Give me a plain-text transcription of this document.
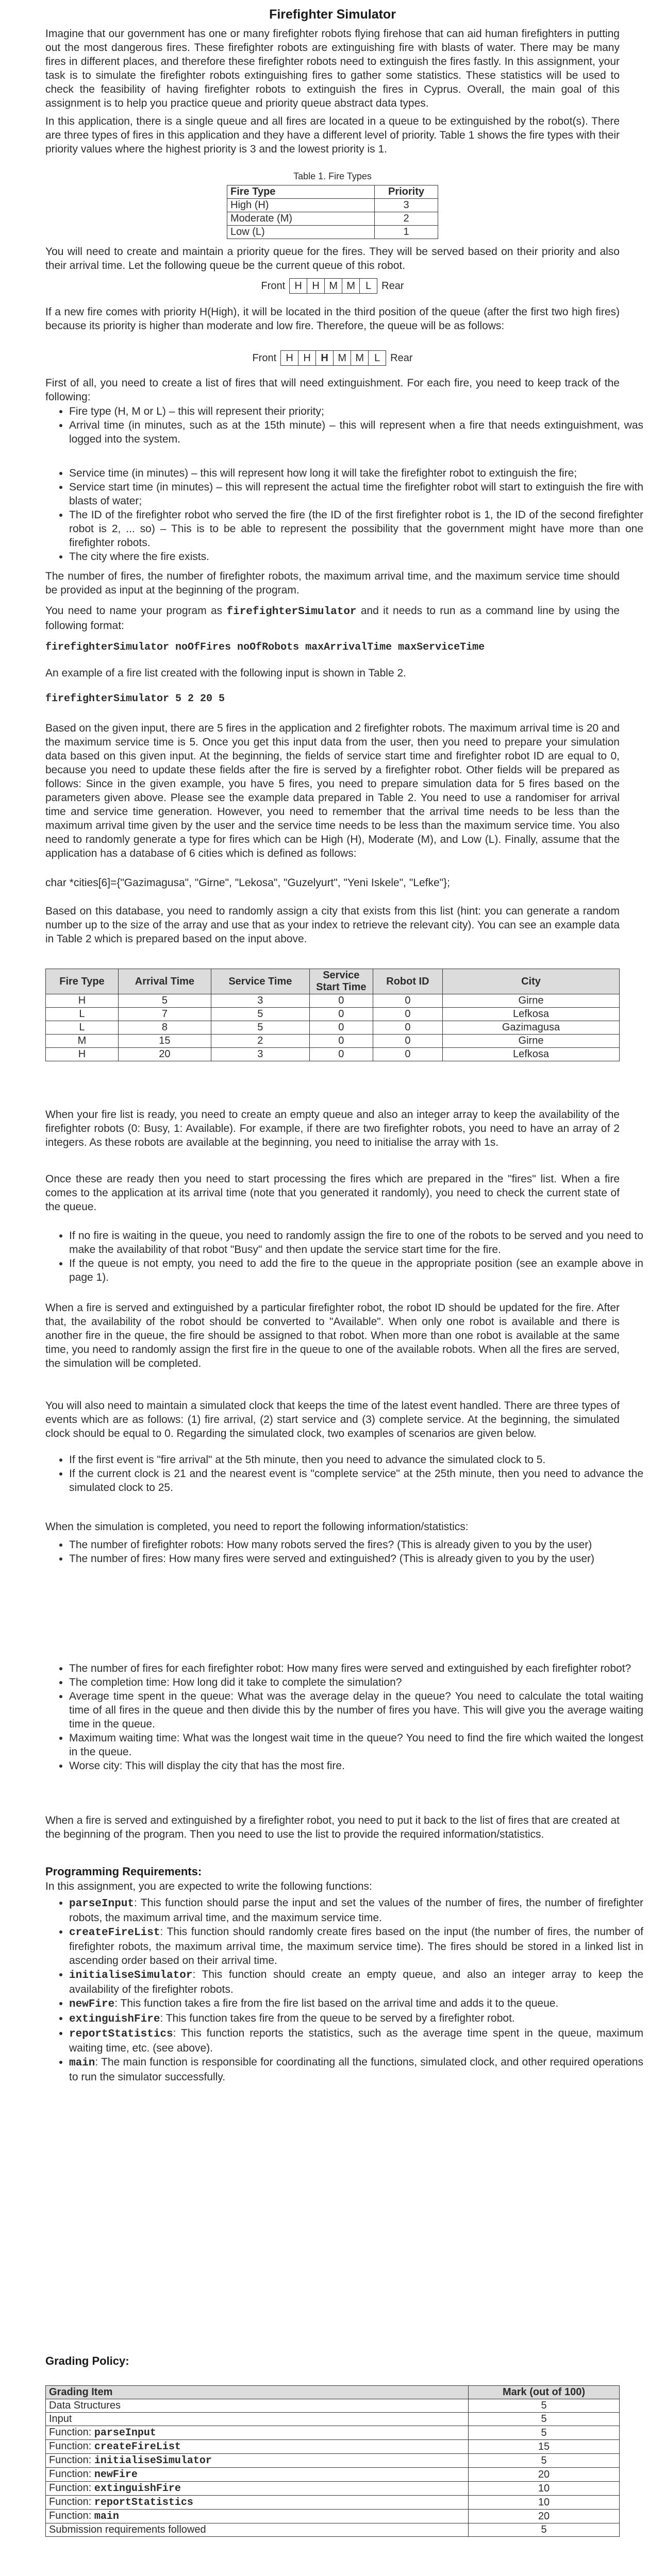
Firefighter Simulator

Imagine that our government has one or many firefighter robots flying firehose that can aid human firefighters in putting out the most dangerous fires. These firefighter robots are extinguishing fire with blasts of water. There may be many fires in different places, and therefore these firefighter robots need to extinguish the fires fastly. In this assignment, your task is to simulate the firefighter robots extinguishing fires to gather some statistics. These statistics will be used to check the feasibility of having firefighter robots to extinguish the fires in Cyprus. Overall, the main goal of this assignment is to help you practice queue and priority queue abstract data types.

In this application, there is a single queue and all fires are located in a queue to be extinguished by the robot(s). There are three types of fires in this application and they have a different level of priority. Table 1 shows the fire types with their priority values where the highest priority is 3 and the lowest priority is 1.

Table 1. Fire Types
Fire Type	Priority
High (H)	3
Moderate (M)	2
Low (L)	1

You will need to create and maintain a priority queue for the fires. They will be served based on their priority and also their arrival time. Let the following queue be the current queue of this robot.

Front H H M M	L Rear

If a new fire comes with priority H(High), it will be located in the third position of the queue (after the first two high fires) because its priority is higher than moderate and low fire. Therefore, the queue will be as follows:

Front H H H M M	L Rear

First of all, you need to create a list of fires that will need extinguishment. For each fire, you need to keep track of the following:

• Fire type (H, M or L) – this will represent their priority;
• Arrival time (in minutes, such as at the 15th minute) – this will represent when a fire that needs extinguishment, was logged into the system.
• Service time (in minutes) – this will represent how long it will take the firefighter robot to extinguish the fire;
• Service start time (in minutes) – this will represent the actual time the firefighter robot will start to extinguish the fire with blasts of water;
• The ID of the firefighter robot who served the fire (the ID of the first firefighter robot is 1, the ID of the second firefighter robot is 2, ... so) – This is to be able to represent the possibility that the government might have more than one firefighter robots.
• The city where the fire exists.

The number of fires, the number of firefighter robots, the maximum arrival time, and the maximum service time should be provided as input at the beginning of the program.

You need to name your program as firefighterSimulator and it needs to run as a command line by using the following format:

firefighterSimulator noOfFires noOfRobots maxArrivalTime maxServiceTime

An example of a fire list created with the following input is shown in Table 2.

firefighterSimulator 5 2 20 5

Based on the given input, there are 5 fires in the application and 2 firefighter robots. The maximum arrival time is 20 and the maximum service time is 5. Once you get this input data from the user, then you need to prepare your simulation data based on this given input. At the beginning, the fields of service start time and firefighter robot ID are equal to 0, because you need to update these fields after the fire is served by a firefighter robot. Other fields will be prepared as follows: Since in the given example, you have 5 fires, you need to prepare simulation data for 5 fires based on the parameters given above. Please see the example data prepared in Table 2. You need to use a randomiser for arrival time and service time generation. However, you need to remember that the arrival time needs to be less than the maximum arrival time given by the user and the service time needs to be less than the maximum service time. You also need to randomly generate a type for fires which can be High (H), Moderate (M), and Low (L). Finally, assume that the application has a database of 6 cities which is defined as follows:

char *cities[6]={"Gazimagusa", "Girne", "Lekosa", "Guzelyurt", "Yeni Iskele", "Lefke"};

Based on this database, you need to randomly assign a city that exists from this list (hint: you can generate a random number up to the size of the array and use that as your index to retrieve the relevant city). You can see an example data in Table 2 which is prepared based on the input above.

Fire Type	Arrival Time	Service Time	Service Start Time	Robot ID	City
H	5	3	0	0	Girne
L	7	5	0	0	Lefkosa
L	8	5	0	0	Gazimagusa
M	15	2	0	0	Girne
H	20	3	0	0	Lefkosa

When your fire list is ready, you need to create an empty queue and also an integer array to keep the availability of the firefighter robots (0: Busy, 1: Available). For example, if there are two firefighter robots, you need to have an array of 2 integers. As these robots are available at the beginning, you need to initialise the array with 1s.

Once these are ready then you need to start processing the fires which are prepared in the "fires" list. When a fire comes to the application at its arrival time (note that you generated it randomly), you need to check the current state of the queue.

• If no fire is waiting in the queue, you need to randomly assign the fire to one of the robots to be served and you need to make the availability of that robot "Busy" and then update the service start time for the fire.
• If the queue is not empty, you need to add the fire to the queue in the appropriate position (see an example above in page 1).

When a fire is served and extinguished by a particular firefighter robot, the robot ID should be updated for the fire. After that, the availability of the robot should be converted to "Available". When only one robot is available and there is another fire in the queue, the fire should be assigned to that robot. When more than one robot is available at the same time, you need to randomly assign the first fire in the queue to one of the available robots. When all the fires are served, the simulation will be completed.

You will also need to maintain a simulated clock that keeps the time of the latest event handled. There are three types of events which are as follows: (1) fire arrival, (2) start service and (3) complete service. At the beginning, the simulated clock should be equal to 0. Regarding the simulated clock, two examples of scenarios are given below.

• If the first event is "fire arrival" at the 5th minute, then you need to advance the simulated clock to 5.
• If the current clock is 21 and the nearest event is "complete service" at the 25th minute, then you need to advance the simulated clock to 25.

When the simulation is completed, you need to report the following information/statistics:

• The number of firefighter robots: How many robots served the fires? (This is already given to you by the user)
• The number of fires: How many fires were served and extinguished? (This is already given to you by the user)
• The number of fires for each firefighter robot: How many fires were served and extinguished by each firefighter robot?
• The completion time: How long did it take to complete the simulation?
• Average time spent in the queue: What was the average delay in the queue? You need to calculate the total waiting time of all fires in the queue and then divide this by the number of fires you have. This will give you the average waiting time in the queue.
• Maximum waiting time: What was the longest wait time in the queue? You need to find the fire which waited the longest in the queue.
• Worse city: This will display the city that has the most fire.

When a fire is served and extinguished by a firefighter robot, you need to put it back to the list of fires that are created at the beginning of the program. Then you need to use the list to provide the required information/statistics.

Programming Requirements:

In this assignment, you are expected to write the following functions:

• parseInput: This function should parse the input and set the values of the number of fires, the number of firefighter robots, the maximum arrival time, and the maximum service time.
• createFireList: This function should randomly create fires based on the input (the number of fires, the number of firefighter robots, the maximum arrival time, the maximum service time). The fires should be stored in a linked list in ascending order based on their arrival time.
• initialiseSimulator: This function should create an empty queue, and also an integer array to keep the availability of the firefighter robots.
• newFire: This function takes a fire from the fire list based on the arrival time and adds it to the queue.
• extinguishFire: This function takes fire from the queue to be served by a firefighter robot.
• reportStatistics: This function reports the statistics, such as the average time spent in the queue, maximum waiting time, etc. (see above).
• main: The main function is responsible for coordinating all the functions, simulated clock, and other required operations to run the simulator successfully.
Grading Policy:
Grading Item	Mark (out of 100)
Data Structures	5
Input	5
Function: parseInput	5
Function: createFireList	15
Function: initialiseSimulator	5
Function: newFire	20
Function: extinguishFire	10
Function: reportStatistics	10
Function: main	20
Submission requirements followed	5
